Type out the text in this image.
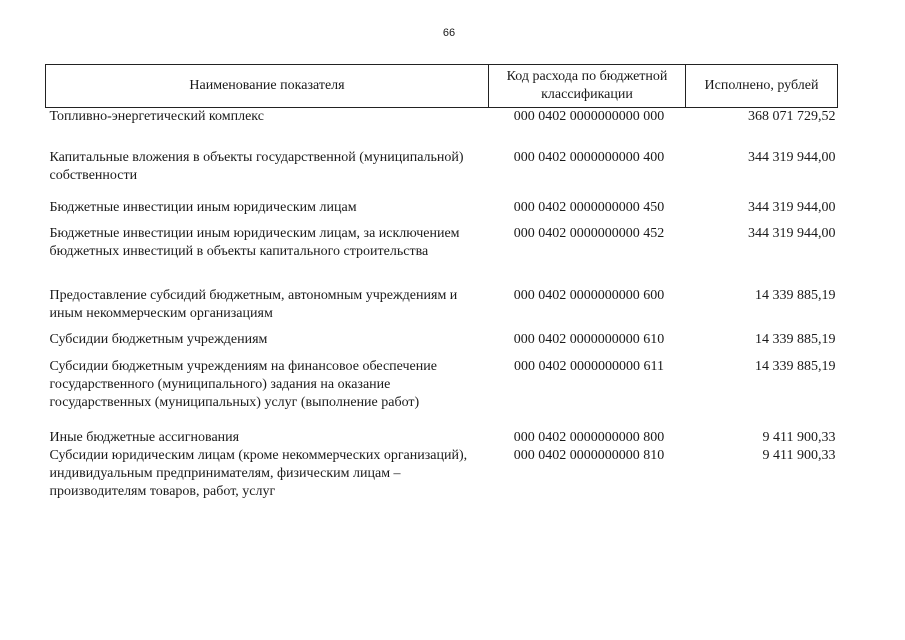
66
Наименование показателя	Код расхода по бюджетной классификации	Исполнено, рублей
Топливно-энергетический комплекс	000 0402 0000000000 000	368 071 729,52
Капитальные вложения в объекты государственной (муниципальной) собственности	000 0402 0000000000 400	344 319 944,00
Бюджетные инвестиции иным юридическим лицам	000 0402 0000000000 450	344 319 944,00
Бюджетные инвестиции иным юридическим лицам, за исключением бюджетных инвестиций в объекты капитального строительства	000 0402 0000000000 452	344 319 944,00
Предоставление субсидий бюджетным, автономным учреждениям и иным некоммерческим организациям	000 0402 0000000000 600	14 339 885,19
Субсидии бюджетным учреждениям	000 0402 0000000000 610	14 339 885,19
Субсидии бюджетным учреждениям на финансовое обеспечение государственного (муниципального) задания на оказание государственных (муниципальных) услуг (выполнение работ)	000 0402 0000000000 611	14 339 885,19
Иные бюджетные ассигнования	000 0402 0000000000 800	9 411 900,33
Субсидии юридическим лицам (кроме некоммерческих организаций), индивидуальным предпринимателям, физическим лицам – производителям товаров, работ, услуг	000 0402 0000000000 810	9 411 900,33
